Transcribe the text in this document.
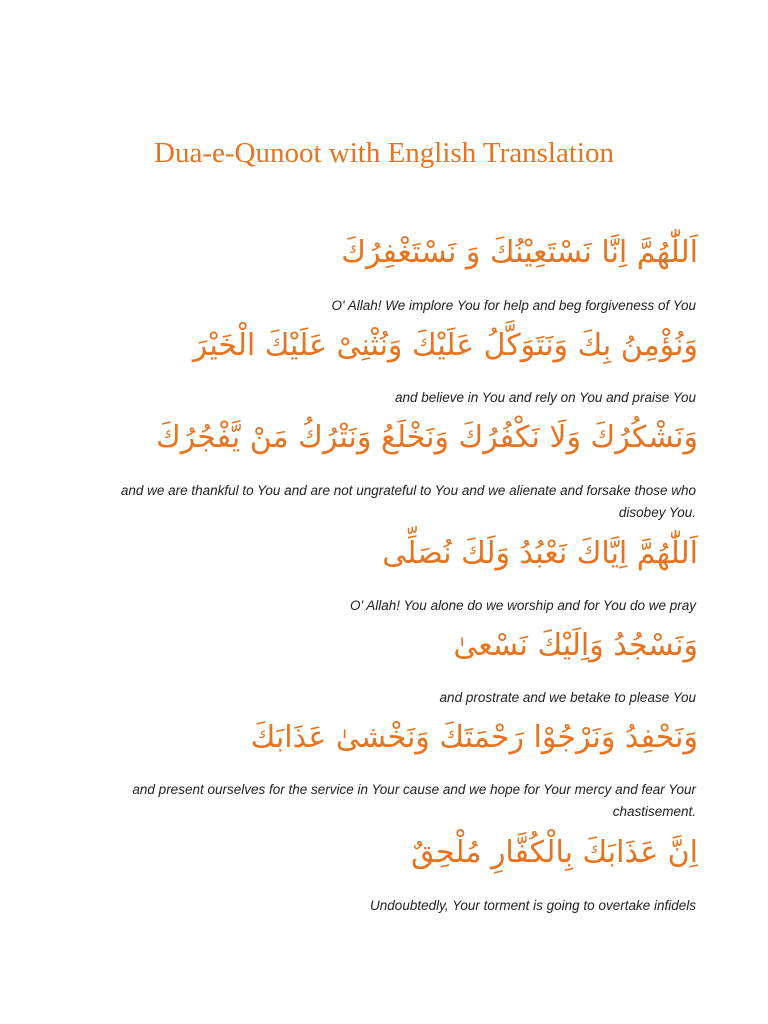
Dua-e-Qunoot with English Translation
اَللّٰهُمَّ اِنَّا نَسْتَعِيْنُكَ وَ نَسْتَغْفِرُكَ
O' Allah! We implore You for help and beg forgiveness of You
وَنُؤْمِنُ بِكَ وَنَتَوَكَّلُ عَلَيْكَ وَنُثْنِىْ عَلَيْكَ الْخَيْرَ
and believe in You and rely on You and praise You
وَنَشْكُرُكَ وَلَا نَكْفُرُكَ وَنَخْلَعُ وَنَتْرُكُ مَنْ يَّفْجُرُكَ
and we are thankful to You and are not ungrateful to You and we alienate and forsake those who disobey You.
اَللّٰهُمَّ اِيَّاكَ نَعْبُدُ وَلَكَ نُصَلِّى
O' Allah! You alone do we worship and for You do we pray
وَنَسْجُدُ وَاِلَيْكَ نَسْعىٰ
and prostrate and we betake to please You
وَنَحْفِدُ وَنَرْجُوْا رَحْمَتَكَ وَنَخْشىٰ عَذَابَكَ
and present ourselves for the service in Your cause and we hope for Your mercy and fear Your chastisement.
اِنَّ عَذَابَكَ بِالْكُفَّارِ مُلْحِقٌ
Undoubtedly, Your torment is going to overtake infidels
